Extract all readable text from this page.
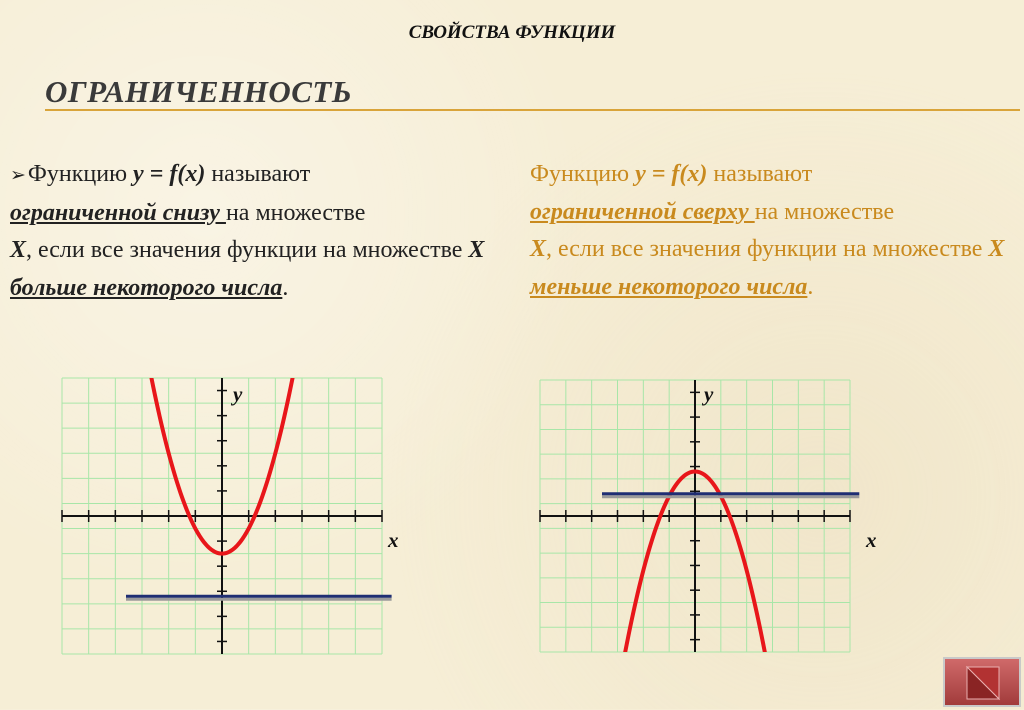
СВОЙСТВА ФУНКЦИИ
ОГРАНИЧЕННОСТЬ
➢Функцию y = f(x) называют
ограниченной снизу на множестве
X, если все значения функции на множестве X больше некоторого числа.
Функцию y = f(x) называют
ограниченной сверху на множестве
X, если все значения функции на множестве X меньше некоторого числа.
y
x
y
x
